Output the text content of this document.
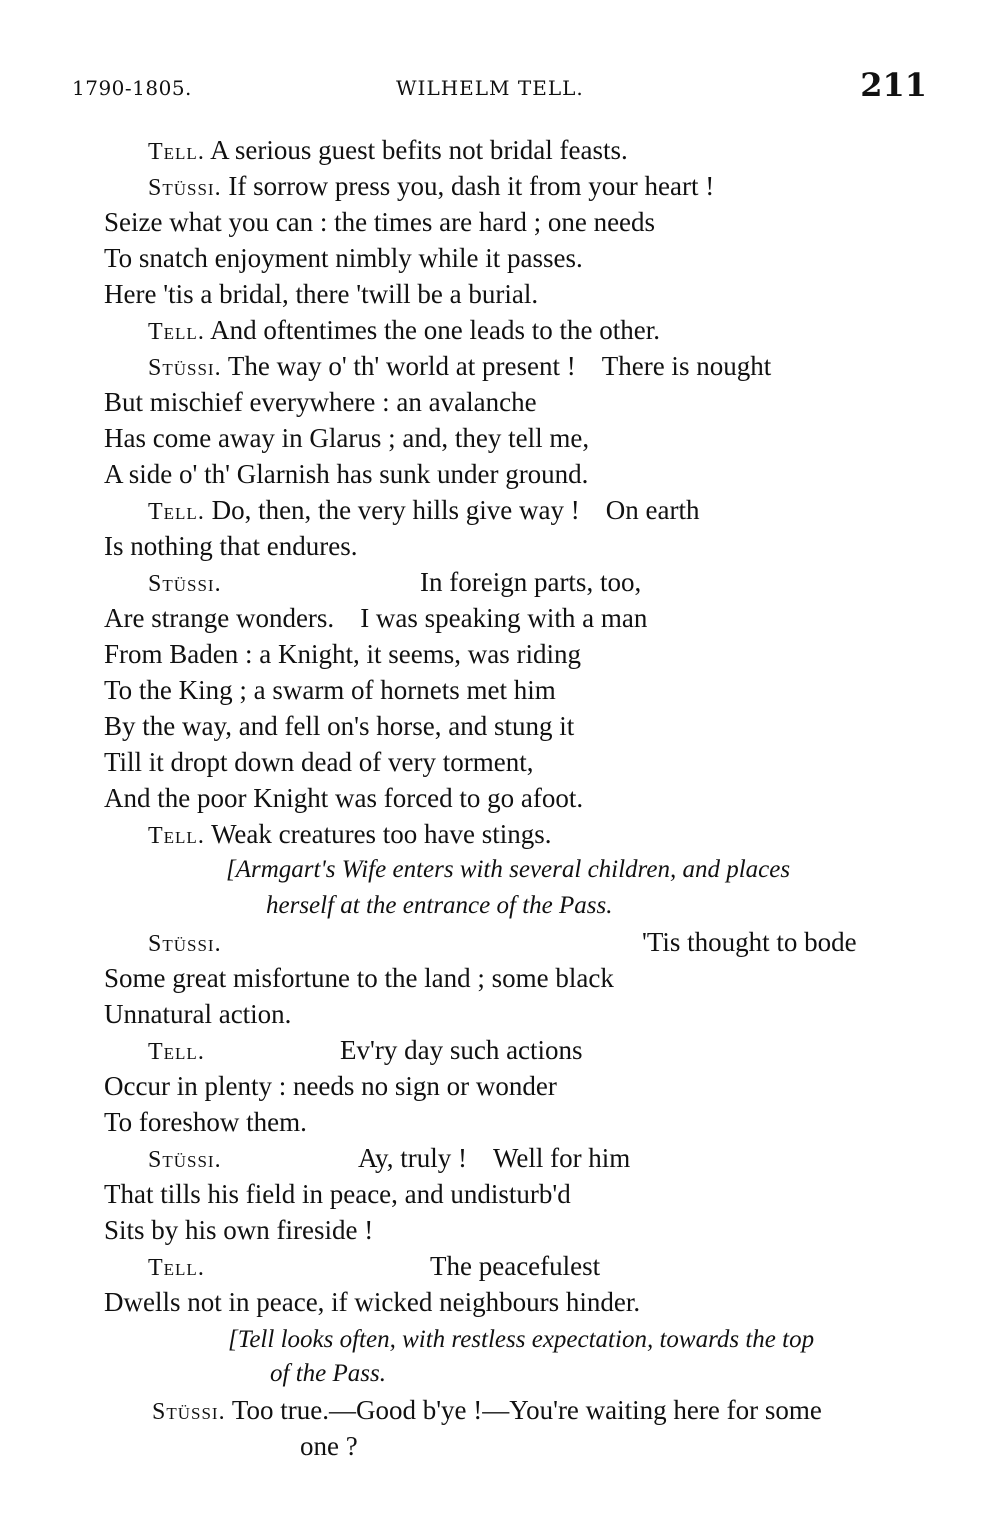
1790-1805.	WILHELM TELL.	211
Tell. A serious guest befits not bridal feasts.
Stüssi. If sorrow press you, dash it from your heart !
Seize what you can : the times are hard ; one needs
To snatch enjoyment nimbly while it passes.
Here 'tis a bridal, there 'twill be a burial.
Tell. And oftentimes the one leads to the other.
Stüssi. The way o' th' world at present ! There is nought
But mischief everywhere : an avalanche
Has come away in Glarus ; and, they tell me,
A side o' th' Glarnish has sunk under ground.
Tell. Do, then, the very hills give way ! On earth
Is nothing that endures.
Stüssi.	In foreign parts, too,
Are strange wonders. I was speaking with a man
From Baden : a Knight, it seems, was riding
To the King ; a swarm of hornets met him
By the way, and fell on's horse, and stung it
Till it dropt down dead of very torment,
And the poor Knight was forced to go afoot.
Tell. Weak creatures too have stings.
[Armgart's Wife enters with several children, and places
herself at the entrance of the Pass.
Stüssi.	'Tis thought to bode
Some great misfortune to the land ; some black
Unnatural action.
Tell.	Ev'ry day such actions
Occur in plenty : needs no sign or wonder
To foreshow them.
Stüssi.	Ay, truly ! Well for him
That tills his field in peace, and undisturb'd
Sits by his own fireside !
Tell.	The peacefulest
Dwells not in peace, if wicked neighbours hinder.
[Tell looks often, with restless expectation, towards the top
of the Pass.
Stüssi. Too true.—Good b'ye !—You're waiting here for some
one ?
